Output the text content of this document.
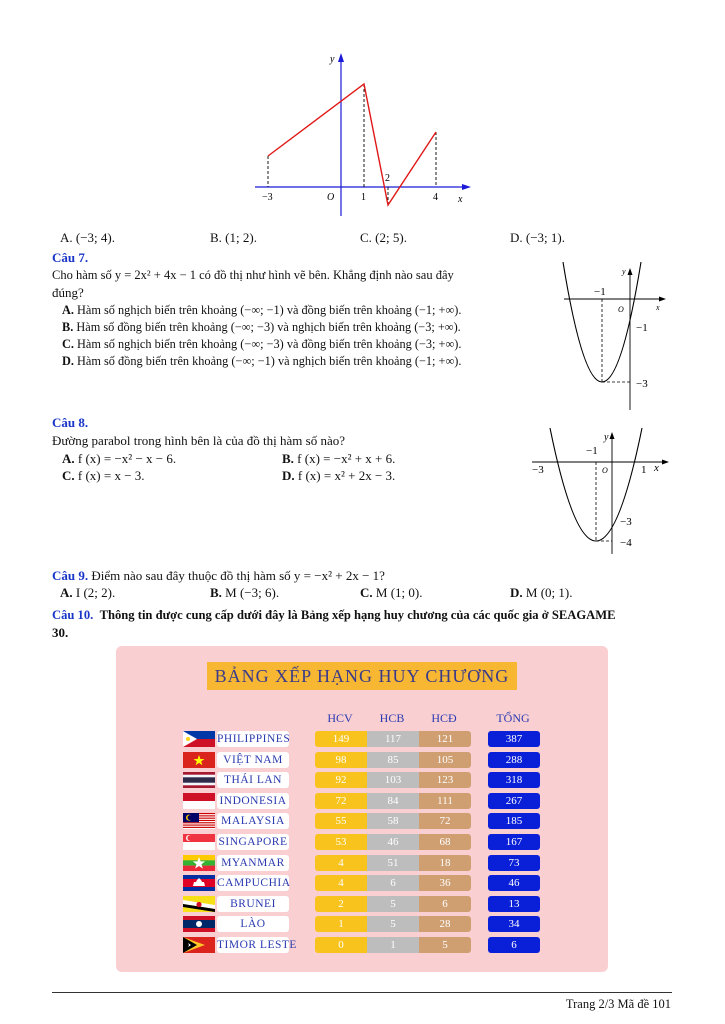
y
x
O
−3	1
2
4
A. (−3; 4).	B. (1; 2).	C. (2; 5).	D. (−3; 1).
Câu 7.
Cho hàm số y = 2x² + 4x − 1 có đồ thị như hình vẽ bên. Khẳng định nào sau đây
đúng?
A. Hàm số nghịch biến trên khoảng (−∞; −1) và đồng biến trên khoảng (−1; +∞).
B. Hàm số đồng biến trên khoảng (−∞; −3) và nghịch biến trên khoảng (−3; +∞).
C. Hàm số nghịch biến trên khoảng (−∞; −3) và đồng biến trên khoảng (−3; +∞).
D. Hàm số đồng biến trên khoảng (−∞; −1) và nghịch biến trên khoảng (−1; +∞).
y
x
O
−1
−1
−3
Câu 8.
Đường parabol trong hình bên là của đồ thị hàm số nào?
A. f (x) = −x² − x − 6.	B. f (x) = −x² + x + 6.
C. f (x) = x − 3.	D. f (x) = x² + 2x − 3.
y
x
O
−1
−3	1
−3
−4
Câu 9. Điểm nào sau đây thuộc đồ thị hàm số y = −x² + 2x − 1?
A. I (2; 2).	B. M (−3; 6).	C. M (1; 0).	D. M (0; 1).
Câu 10. Thông tin được cung cấp dưới đây là Bảng xếp hạng huy chương của các quốc gia ở SEAGAME
30.
BẢNG XẾP HẠNG HUY CHƯƠNG
HCV	HCB	HCĐ	TỔNG
PHILIPPINES	149	117	121	387
VIỆT NAM	98	85	105	288
THÁI LAN	92	103	123	318
INDONESIA	72	84	111	267
MALAYSIA	55	58	72	185
SINGAPORE	53	46	68	167
MYANMAR	4	51	18	73
CAMPUCHIA	4	6	36	46
BRUNEI	2	5	6	13
LÀO	1	5	28	34
TIMOR LESTE	0	1	5	6
Trang 2/3 Mã đề 101
